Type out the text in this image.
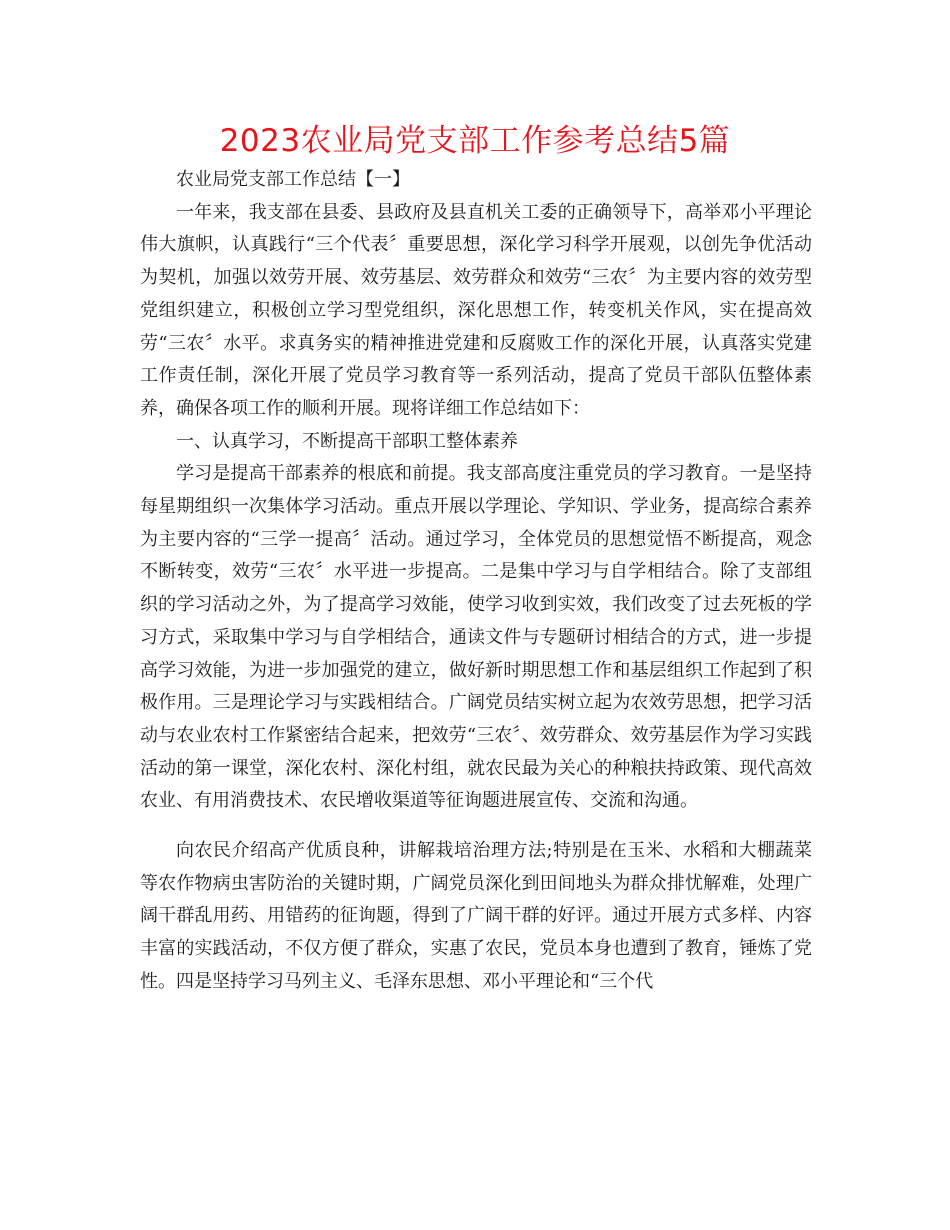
2023农业局党支部工作参考总结5篇

农业局党支部工作总结【一】

一年来，我支部在县委、县政府及县直机关工委的正确领导下，高举邓小平理论伟大旗帜，认真践行“三个代表〞重要思想，深化学习科学开展观，以创先争优活动为契机，加强以效劳开展、效劳基层、效劳群众和效劳“三农〞为主要内容的效劳型党组织建立，积极创立学习型党组织，深化思想工作，转变机关作风，实在提高效劳“三农〞水平。求真务实的精神推进党建和反腐败工作的深化开展，认真落实党建工作责任制，深化开展了党员学习教育等一系列活动，提高了党员干部队伍整体素养，确保各项工作的顺利开展。现将详细工作总结如下：

一、认真学习，不断提高干部职工整体素养

学习是提高干部素养的根底和前提。我支部高度注重党员的学习教育。一是坚持每星期组织一次集体学习活动。重点开展以学理论、学知识、学业务，提高综合素养为主要内容的“三学一提高〞活动。通过学习，全体党员的思想觉悟不断提高，观念不断转变，效劳“三农〞水平进一步提高。二是集中学习与自学相结合。除了支部组织的学习活动之外，为了提高学习效能，使学习收到实效，我们改变了过去死板的学习方式，采取集中学习与自学相结合，通读文件与专题研讨相结合的方式，进一步提高学习效能，为进一步加强党的建立，做好新时期思想工作和基层组织工作起到了积极作用。三是理论学习与实践相结合。广阔党员结实树立起为农效劳思想，把学习活动与农业农村工作紧密结合起来，把效劳“三农〞、效劳群众、效劳基层作为学习实践活动的第一课堂，深化农村、深化村组，就农民最为关心的种粮扶持政策、现代高效农业、有用消费技术、农民增收渠道等征询题进展宣传、交流和沟通。

向农民介绍高产优质良种，讲解栽培治理方法;特别是在玉米、水稻和大棚蔬菜等农作物病虫害防治的关键时期，广阔党员深化到田间地头为群众排忧解难，处理广阔干群乱用药、用错药的征询题，得到了广阔干群的好评。通过开展方式多样、内容丰富的实践活动，不仅方便了群众，实惠了农民，党员本身也遭到了教育，锤炼了党性。四是坚持学习马列主义、毛泽东思想、邓小平理论和“三个代
